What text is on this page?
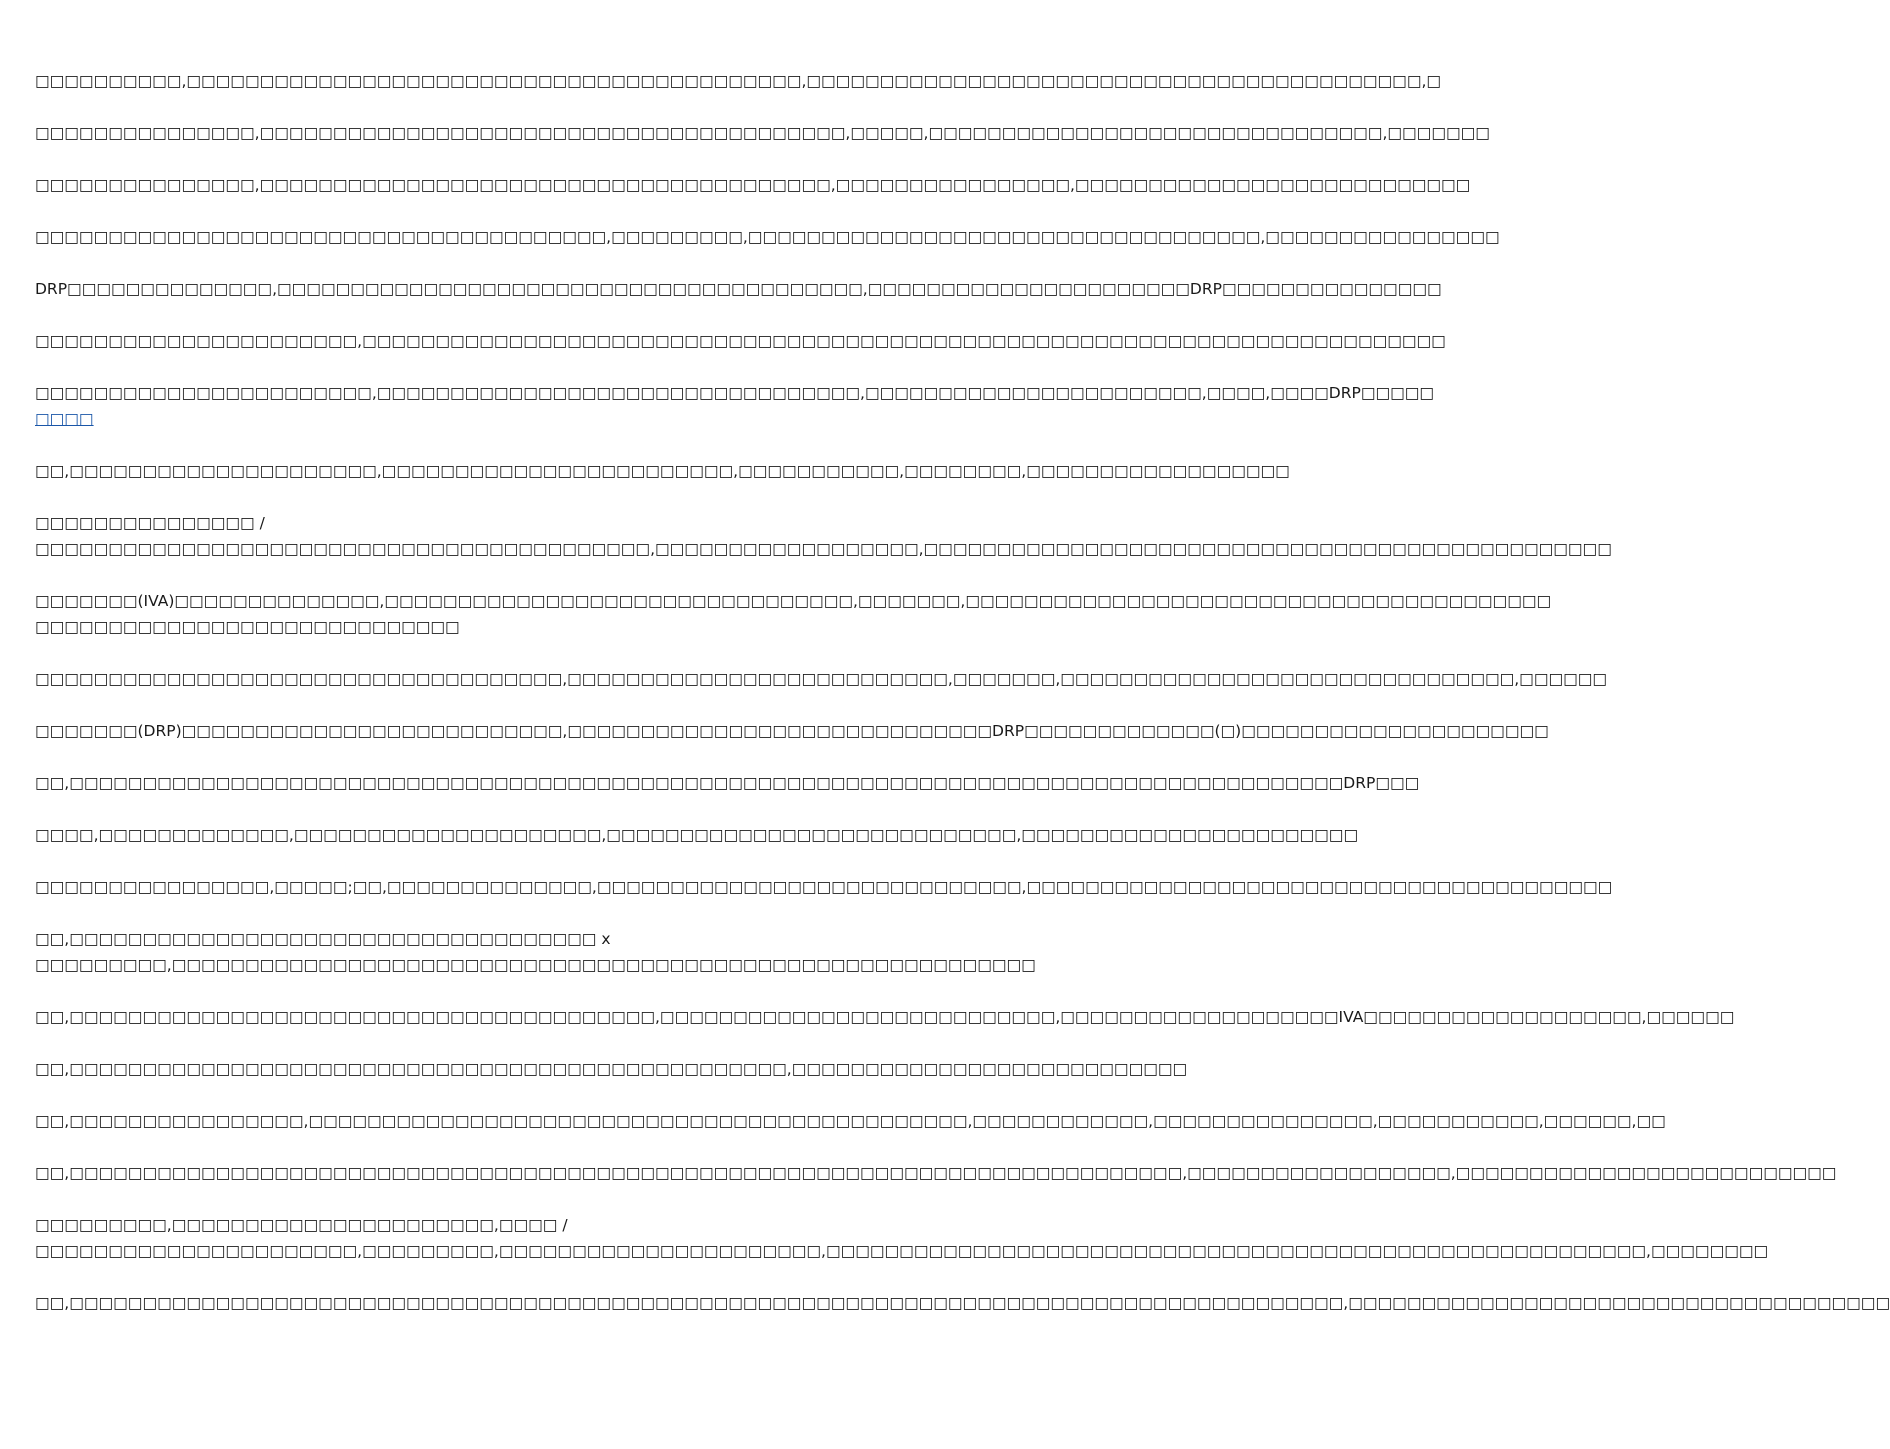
□□□□□□□□□□,□□□□□□□□□□□□□□□□□□□□□□□□□□□□□□□□□□□□□□□□□□,□□□□□□□□□□□□□□□□□□□□□□□□□□□□□□□□□□□□□□□□□□,□
□□□□□□□□□□□□□□□,□□□□□□□□□□□□□□□□□□□□□□□□□□□□□□□□□□□□□□□□,□□□□□,□□□□□□□□□□□□□□□□□□□□□□□□□□□□□□□,□□□□□□□
□□□□□□□□□□□□□□□,□□□□□□□□□□□□□□□□□□□□□□□□□□□□□□□□□□□□□□□,□□□□□□□□□□□□□□□□,□□□□□□□□□□□□□□□□□□□□□□□□□□□
□□□□□□□□□□□□□□□□□□□□□□□□□□□□□□□□□□□□□□□,□□□□□□□□□,□□□□□□□□□□□□□□□□□□□□□□□□□□□□□□□□□□□,□□□□□□□□□□□□□□□□
DRP□□□□□□□□□□□□□□,□□□□□□□□□□□□□□□□□□□□□□□□□□□□□□□□□□□□□□□□,□□□□□□□□□□□□□□□□□□□□□□DRP□□□□□□□□□□□□□□□
□□□□□□□□□□□□□□□□□□□□□□,□□□□□□□□□□□□□□□□□□□□□□□□□□□□□□□□□□□□□□□□□□□□□□□□□□□□□□□□□□□□□□□□□□□□□□□□□□
□□□□□□□□□□□□□□□□□□□□□□□,□□□□□□□□□□□□□□□□□□□□□□□□□□□□□□□□□,□□□□□□□□□□□□□□□□□□□□□□□,□□□□,□□□□DRP□□□□□
□□□□
□□,□□□□□□□□□□□□□□□□□□□□□,□□□□□□□□□□□□□□□□□□□□□□□□,□□□□□□□□□□□,□□□□□□□□,□□□□□□□□□□□□□□□□□□
□□□□□□□□□□□□□□□ /
□□□□□□□□□□□□□□□□□□□□□□□□□□□□□□□□□□□□□□□□□□,□□□□□□□□□□□□□□□□□□,□□□□□□□□□□□□□□□□□□□□□□□□□□□□□□□□□□□□□□□□□□□□□□□
□□□□□□□(IVA)□□□□□□□□□□□□□□,□□□□□□□□□□□□□□□□□□□□□□□□□□□□□□□□,□□□□□□□,□□□□□□□□□□□□□□□□□□□□□□□□□□□□□□□□□□□□□□□□
□□□□□□□□□□□□□□□□□□□□□□□□□□□□□
□□□□□□□□□□□□□□□□□□□□□□□□□□□□□□□□□□□□,□□□□□□□□□□□□□□□□□□□□□□□□□□,□□□□□□□,□□□□□□□□□□□□□□□□□□□□□□□□□□□□□□□,□□□□□□
□□□□□□□(DRP)□□□□□□□□□□□□□□□□□□□□□□□□□□,□□□□□□□□□□□□□□□□□□□□□□□□□□□□□DRP□□□□□□□□□□□□□(□)□□□□□□□□□□□□□□□□□□□□□
□□,□□□□□□□□□□□□□□□□□□□□□□□□□□□□□□□□□□□□□□□□□□□□□□□□□□□□□□□□□□□□□□□□□□□□□□□□□□□□□□□□□□□□□□□DRP□□□
□□□□,□□□□□□□□□□□□□,□□□□□□□□□□□□□□□□□□□□□,□□□□□□□□□□□□□□□□□□□□□□□□□□□□,□□□□□□□□□□□□□□□□□□□□□□□
□□□□□□□□□□□□□□□□,□□□□□;□□,□□□□□□□□□□□□□□,□□□□□□□□□□□□□□□□□□□□□□□□□□□□□,□□□□□□□□□□□□□□□□□□□□□□□□□□□□□□□□□□□□□□□□
□□,□□□□□□□□□□□□□□□□□□□□□□□□□□□□□□□□□□□□ x
□□□□□□□□□,□□□□□□□□□□□□□□□□□□□□□□□□□□□□□□□□□□□□□□□□□□□□□□□□□□□□□□□□□□□
□□,□□□□□□□□□□□□□□□□□□□□□□□□□□□□□□□□□□□□□□□□,□□□□□□□□□□□□□□□□□□□□□□□□□□□,□□□□□□□□□□□□□□□□□□□IVA□□□□□□□□□□□□□□□□□□□,□□□□□□
□□,□□□□□□□□□□□□□□□□□□□□□□□□□□□□□□□□□□□□□□□□□□□□□□□□□,□□□□□□□□□□□□□□□□□□□□□□□□□□□
□□,□□□□□□□□□□□□□□□□,□□□□□□□□□□□□□□□□□□□□□□□□□□□□□□□□□□□□□□□□□□□□□,□□□□□□□□□□□□,□□□□□□□□□□□□□□□,□□□□□□□□□□□,□□□□□□,□□
□□,□□□□□□□□□□□□□□□□□□□□□□□□□□□□□□□□□□□□□□□□□□□□□□□□□□□□□□□□□□□□□□□□□□□□□□□□□□□□,□□□□□□□□□□□□□□□□□□,□□□□□□□□□□□□□□□□□□□□□□□□□□
□□□□□□□□□,□□□□□□□□□□□□□□□□□□□□□□,□□□□ /
□□□□□□□□□□□□□□□□□□□□□□,□□□□□□□□□,□□□□□□□□□□□□□□□□□□□□□□,□□□□□□□□□□□□□□□□□□□□□□□□□□□□□□□□□□□□□□□□□□□□□□□□□□□□□□□□,□□□□□□□□
□□,□□□□□□□□□□□□□□□□□□□□□□□□□□□□□□□□□□□□□□□□□□□□□□□□□□□□□□□□□□□□□□□□□□□□□□□□□□□□□□□□□□□□□□□,□□□□□□□□□□□□□□□□□□□□□□□□□□□□□□□□□□□□□
